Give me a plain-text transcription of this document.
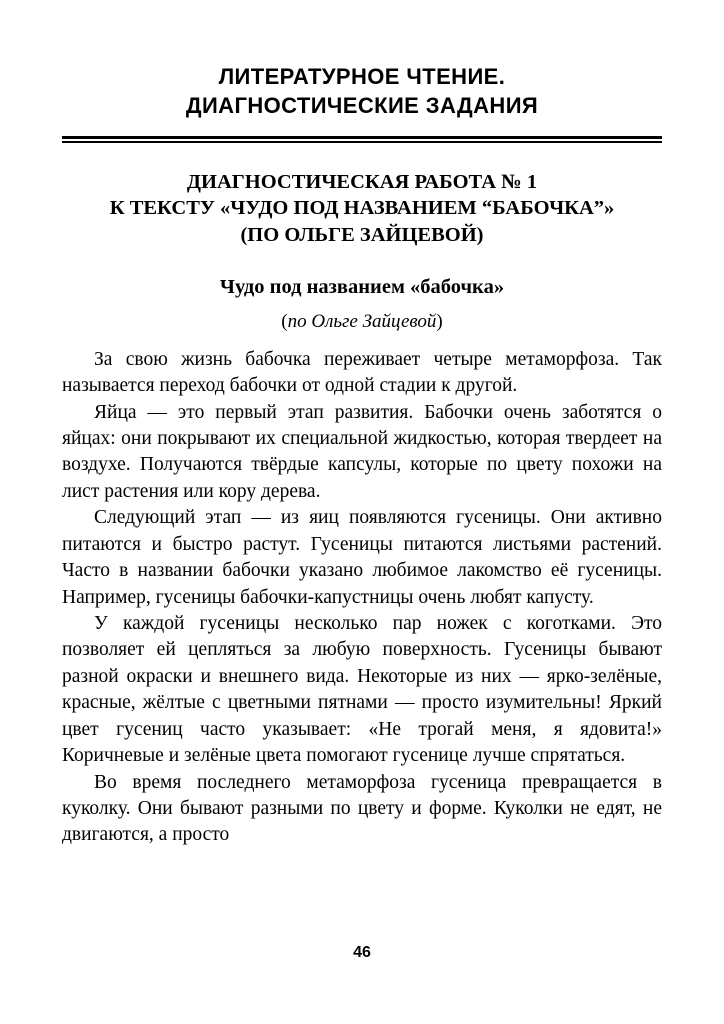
ЛИТЕРАТУРНОЕ ЧТЕНИЕ.
ДИАГНОСТИЧЕСКИЕ ЗАДАНИЯ
ДИАГНОСТИЧЕСКАЯ РАБОТА № 1
К ТЕКСТУ «ЧУДО ПОД НАЗВАНИЕМ “БАБОЧКА”»
(ПО ОЛЬГЕ ЗАЙЦЕВОЙ)
Чудо под названием «бабочка»
(по Ольге Зайцевой)

За свою жизнь бабочка переживает четыре метаморфоза. Так называется переход бабочки от одной стадии к другой.

Яйца — это первый этап развития. Бабочки очень заботятся о яйцах: они покрывают их специальной жидкостью, которая твердеет на воздухе. Получаются твёрдые капсулы, которые по цвету похожи на лист растения или кору дерева.

Следующий этап — из яиц появляются гусеницы. Они активно питаются и быстро растут. Гусеницы питаются листьями растений. Часто в названии бабочки указано любимое лакомство её гусеницы. Например, гусеницы бабочки-капустницы очень любят капусту.

У каждой гусеницы несколько пар ножек с коготками. Это позволяет ей цепляться за любую поверхность. Гусеницы бывают разной окраски и внешнего вида. Некоторые из них — ярко-зелёные, красные, жёлтые с цветными пятнами — просто изумительны! Яркий цвет гусениц часто указывает: «Не трогай меня, я ядовита!» Коричневые и зелёные цвета помогают гусенице лучше спрятаться.

Во время последнего метаморфоза гусеница превращается в куколку. Они бывают разными по цвету и форме. Куколки не едят, не двигаются, а просто

46
